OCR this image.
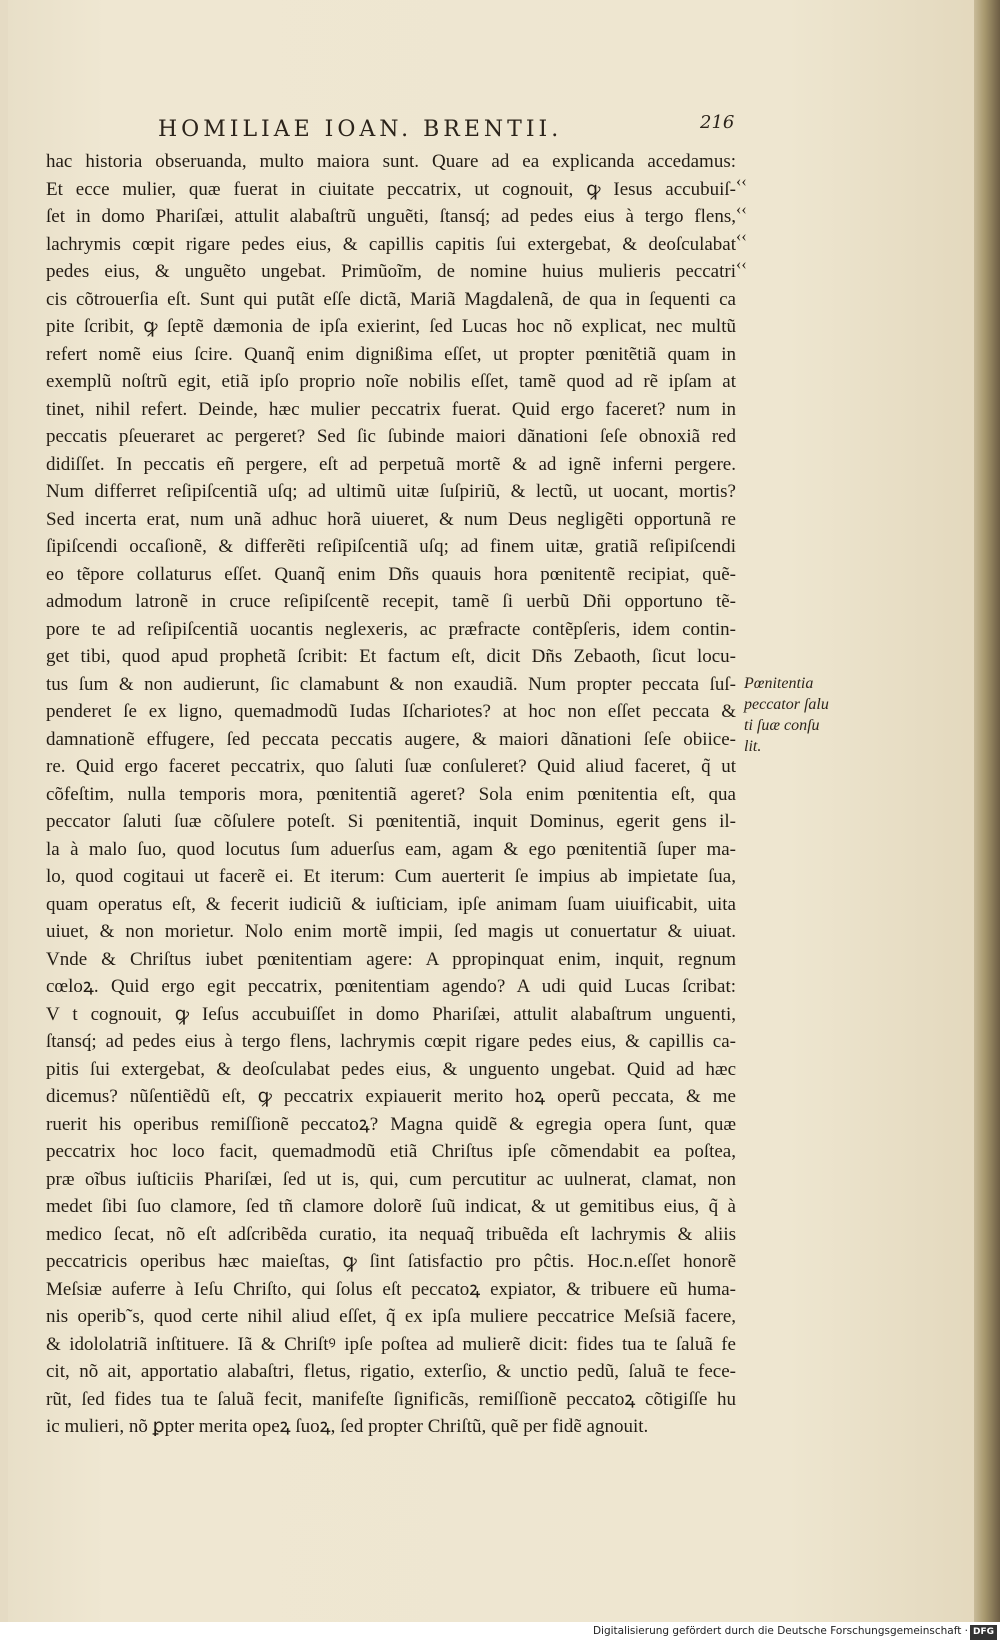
HOMILIAE IOAN. BRENTII.	216
hac historia obseruanda, multo maiora sunt. Quare ad ea explicanda accedamus:
Et ecce mulier, quæ fuerat in ciuitate peccatrix, ut cognouit, ꝙ Iesus accubuiſ-
ſet in domo Phariſæi, attulit alabaſtrũ unguẽti, ſtansq́; ad pedes eius à tergo flens,
lachrymis cœpit rigare pedes eius, & capillis capitis ſui extergebat, & deoſculabat
pedes eius, & unguẽto ungebat. Primũoĩm, de nomine huius mulieris peccatri
cis cõtrouerſia eſt. Sunt qui putãt eſſe dictã, Mariã Magdalenã, de qua in ſequenti ca
pite ſcribit, ꝙ ſeptẽ dæmonia de ipſa exierint, ſed Lucas hoc nõ explicat, nec multũ
refert nomẽ eius ſcire. Quanq̃ enim dignißima eſſet, ut propter pœnitẽtiã quam in
exemplũ noſtrũ egit, etiã ipſo proprio noĩe nobilis eſſet, tamẽ quod ad rẽ ipſam at
tinet, nihil refert. Deinde, hæc mulier peccatrix fuerat. Quid ergo faceret? num in
peccatis pſeueraret ac pergeret? Sed ſic ſubinde maiori dãnationi ſeſe obnoxiã red
didiſſet. In peccatis eñ pergere, eſt ad perpetuã mortẽ & ad ignẽ inferni pergere.
Num differret reſipiſcentiã uſq; ad ultimũ uitæ ſuſpiriũ, & lectũ, ut uocant, mortis?
Sed incerta erat, num unã adhuc horã uiueret, & num Deus negligẽti opportunã re
ſipiſcendi occaſionẽ, & differẽti reſipiſcentiã uſq; ad finem uitæ, gratiã reſipiſcendi
eo tẽpore collaturus eſſet. Quanq̃ enim Dñs quauis hora pœnitentẽ recipiat, quẽ-
admodum latronẽ in cruce reſipiſcentẽ recepit, tamẽ ſi uerbũ Dñi opportuno tẽ-
pore te ad reſipiſcentiã uocantis neglexeris, ac præfracte contẽpſeris, idem contin-
get tibi, quod apud prophetã ſcribit: Et factum eſt, dicit Dñs Zebaoth, ſicut locu-
tus ſum & non audierunt, ſic clamabunt & non exaudiã. Num propter peccata ſuſ-
penderet ſe ex ligno, quemadmodũ Iudas Iſchariotes? at hoc non eſſet peccata &
damnationẽ effugere, ſed peccata peccatis augere, & maiori dãnationi ſeſe obiice-
re. Quid ergo faceret peccatrix, quo ſaluti ſuæ conſuleret? Quid aliud faceret, q̃ ut
cõfeſtim, nulla temporis mora, pœnitentiã ageret? Sola enim pœnitentia eſt, qua
peccator ſaluti ſuæ cõſulere poteſt. Si pœnitentiã, inquit Dominus, egerit gens il-
la à malo ſuo, quod locutus ſum aduerſus eam, agam & ego pœnitentiã ſuper ma-
lo, quod cogitaui ut facerẽ ei. Et iterum: Cum auerterit ſe impius ab impietate ſua,
quam operatus eſt, & fecerit iudiciũ & iuſticiam, ipſe animam ſuam uiuificabit, uita
uiuet, & non morietur. Nolo enim mortẽ impii, ſed magis ut conuertatur & uiuat.
Vnde & Chriſtus iubet pœnitentiam agere: A ppropinquat enim, inquit, regnum
cœloꝝ. Quid ergo egit peccatrix, pœnitentiam agendo? A udi quid Lucas ſcribat:
V t cognouit, ꝙ Ieſus accubuiſſet in domo Phariſæi, attulit alabaſtrum unguenti,
ſtansq́; ad pedes eius à tergo flens, lachrymis cœpit rigare pedes eius, & capillis ca-
pitis ſui extergebat, & deoſculabat pedes eius, & unguento ungebat. Quid ad hæc
dicemus? nũſentiẽdũ eſt, ꝙ peccatrix expiauerit merito hoꝝ operũ peccata, & me
ruerit his operibus remiſſionẽ peccatoꝝ? Magna quidẽ & egregia opera ſunt, quæ
peccatrix hoc loco facit, quemadmodũ etiã Chriſtus ipſe cõmendabit ea poſtea,
præ oĩbus iuſticiis Phariſæi, ſed ut is, qui, cum percutitur ac uulnerat, clamat, non
medet ſibi ſuo clamore, ſed tñ clamore dolorẽ ſuũ indicat, & ut gemitibus eius, q̃ à
medico ſecat, nõ eſt adſcribẽda curatio, ita nequaq̃ tribuẽda eſt lachrymis & aliis
peccatricis operibus hæc maieſtas, ꝙ ſint ſatisfactio pro pĉtis. Hoc.n.eſſet honorẽ
Meſsiæ auferre à Ieſu Chriſto, qui ſolus eſt peccatoꝝ expiator, & tribuere eũ huma-
nis operib˜s, quod certe nihil aliud eſſet, q̃ ex ipſa muliere peccatrice Meſsiã facere,
& idololatriã inſtituere. Iã & Chriſtꝰ ipſe poſtea ad mulierẽ dicit: fides tua te ſaluã fe
cit, nõ ait, apportatio alabaſtri, fletus, rigatio, exterſio, & unctio pedũ, ſaluã te fece-
rũt, ſed fides tua te ſaluã fecit, manifeſte ſignificãs, remiſſionẽ peccatoꝝ cõtigiſſe hu
ic mulieri, nõ ꝑpter merita opeꝝ ſuoꝝ, ſed propter Chriſtũ, quẽ per fidẽ agnouit.
‹‹
‹‹
‹‹
‹‹
Pœnitentia
peccator ſalu
ti ſuæ conſu
lit.
Digitalisierung gefördert durch die Deutsche Forschungsgemeinschaft · DFG
